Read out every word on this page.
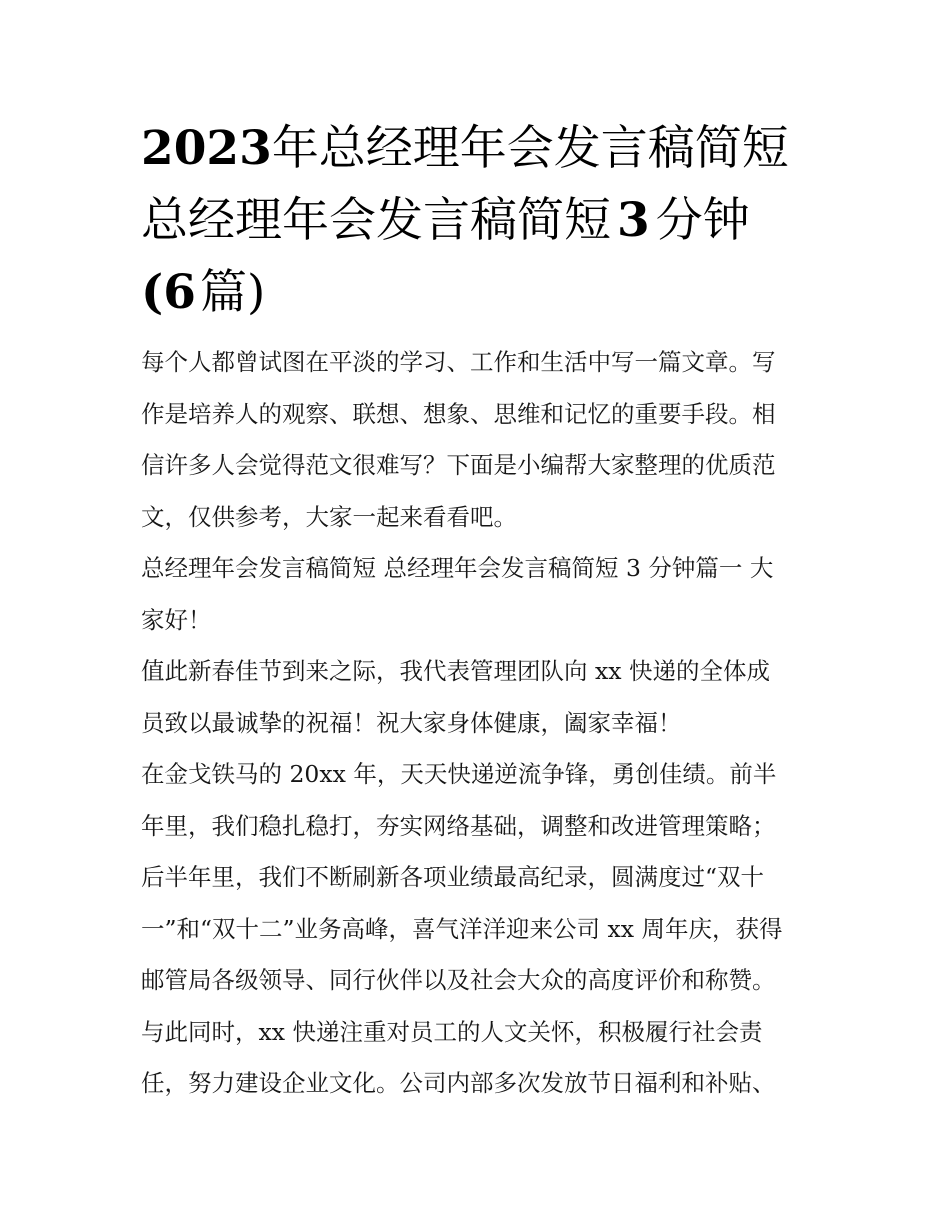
2023年总经理年会发言稿简短
总经理年会发言稿简短 3 分钟
(6篇)

每个人都曾试图在平淡的学习、工作和生活中写一篇文章。写
作是培养人的观察、联想、想象、思维和记忆的重要手段。相
信许多人会觉得范文很难写？下面是小编帮大家整理的优质范
文，仅供参考，大家一起来看看吧。

总经理年会发言稿简短 总经理年会发言稿简短 3 分钟篇一 大
家好！

值此新春佳节到来之际，我代表管理团队向 xx 快递的全体成
员致以最诚挚的祝福！祝大家身体健康，阖家幸福！

在金戈铁马的 20xx 年，天天快递逆流争锋，勇创佳绩。前半
年里，我们稳扎稳打，夯实网络基础，调整和改进管理策略；
后半年里，我们不断刷新各项业绩最高纪录，圆满度过“双十
一”和“双十二”业务高峰，喜气洋洋迎来公司 xx 周年庆，获得
邮管局各级领导、同行伙伴以及社会大众的高度评价和称赞。
与此同时，xx 快递注重对员工的人文关怀，积极履行社会责
任，努力建设企业文化。公司内部多次发放节日福利和补贴、
